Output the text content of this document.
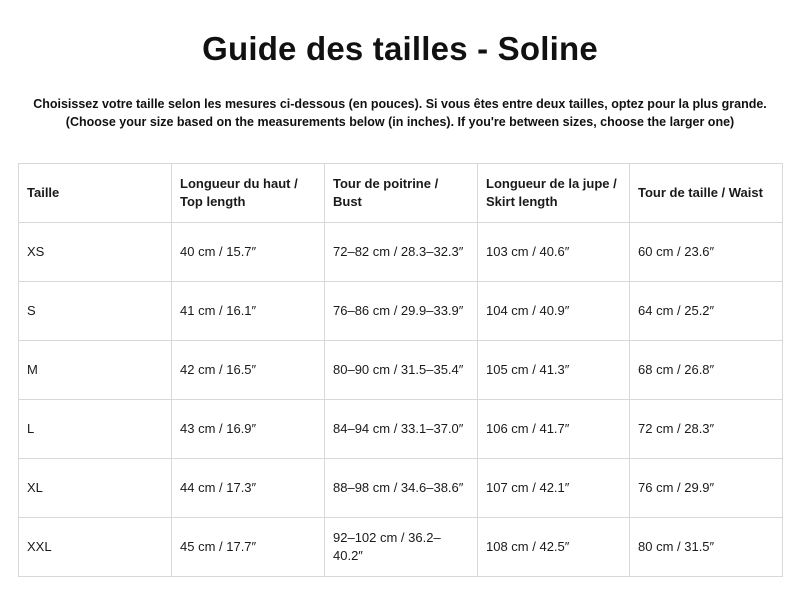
Guide des tailles - Soline
Choisissez votre taille selon les mesures ci-dessous (en pouces). Si vous êtes entre deux tailles, optez pour la plus grande.
(Choose your size based on the measurements below (in inches). If you're between sizes, choose the larger one)
Taille	Longueur du haut / Top length	Tour de poitrine / Bust	Longueur de la jupe / Skirt length	Tour de taille / Waist
XS	40 cm / 15.7″	72–82 cm / 28.3–32.3″	103 cm / 40.6″	60 cm / 23.6″
S	41 cm / 16.1″	76–86 cm / 29.9–33.9″	104 cm / 40.9″	64 cm / 25.2″
M	42 cm / 16.5″	80–90 cm / 31.5–35.4″	105 cm / 41.3″	68 cm / 26.8″
L	43 cm / 16.9″	84–94 cm / 33.1–37.0″	106 cm / 41.7″	72 cm / 28.3″
XL	44 cm / 17.3″	88–98 cm / 34.6–38.6″	107 cm / 42.1″	76 cm / 29.9″
XXL	45 cm / 17.7″	92–102 cm / 36.2–40.2″	108 cm / 42.5″	80 cm / 31.5″
